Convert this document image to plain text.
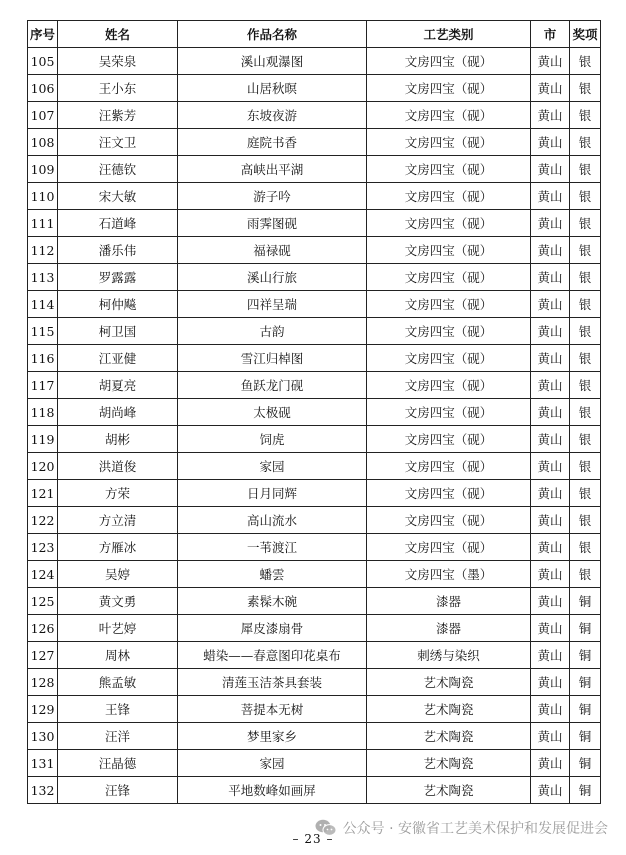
序号	姓名	作品名称	工艺类别	市	奖项
105	吴荣泉	溪山观瀑图	文房四宝（砚）	黄山	银
106	王小东	山居秋暝	文房四宝（砚）	黄山	银
107	汪紫芳	东坡夜游	文房四宝（砚）	黄山	银
108	汪文卫	庭院书香	文房四宝（砚）	黄山	银
109	汪德钦	高峡出平湖	文房四宝（砚）	黄山	银
110	宋大敏	游子吟	文房四宝（砚）	黄山	银
111	石道峰	雨霁图砚	文房四宝（砚）	黄山	银
112	潘乐伟	福禄砚	文房四宝（砚）	黄山	银
113	罗露露	溪山行旅	文房四宝（砚）	黄山	银
114	柯仲飚	四祥呈瑞	文房四宝（砚）	黄山	银
115	柯卫国	古韵	文房四宝（砚）	黄山	银
116	江亚健	雪江归棹图	文房四宝（砚）	黄山	银
117	胡夏亮	鱼跃龙门砚	文房四宝（砚）	黄山	银
118	胡尚峰	太极砚	文房四宝（砚）	黄山	银
119	胡彬	饲虎	文房四宝（砚）	黄山	银
120	洪道俊	家园	文房四宝（砚）	黄山	银
121	方荣	日月同辉	文房四宝（砚）	黄山	银
122	方立清	高山流水	文房四宝（砚）	黄山	银
123	方雁冰	一苇渡江	文房四宝（砚）	黄山	银
124	吴婷	蟠雲	文房四宝（墨）	黄山	银
125	黄文勇	素髹木碗	漆器	黄山	铜
126	叶艺婷	犀皮漆扇骨	漆器	黄山	铜
127	周林	蜡染——春意图印花桌布	刺绣与染织	黄山	铜
128	熊孟敏	清莲玉洁茶具套装	艺术陶瓷	黄山	铜
129	王锋	菩提本无树	艺术陶瓷	黄山	铜
130	汪洋	梦里家乡	艺术陶瓷	黄山	铜
131	汪晶德	家园	艺术陶瓷	黄山	铜
132	汪锋	平地数峰如画屏	艺术陶瓷	黄山	铜
公众号 · 安徽省工艺美术保护和发展促进会
– 23 –
